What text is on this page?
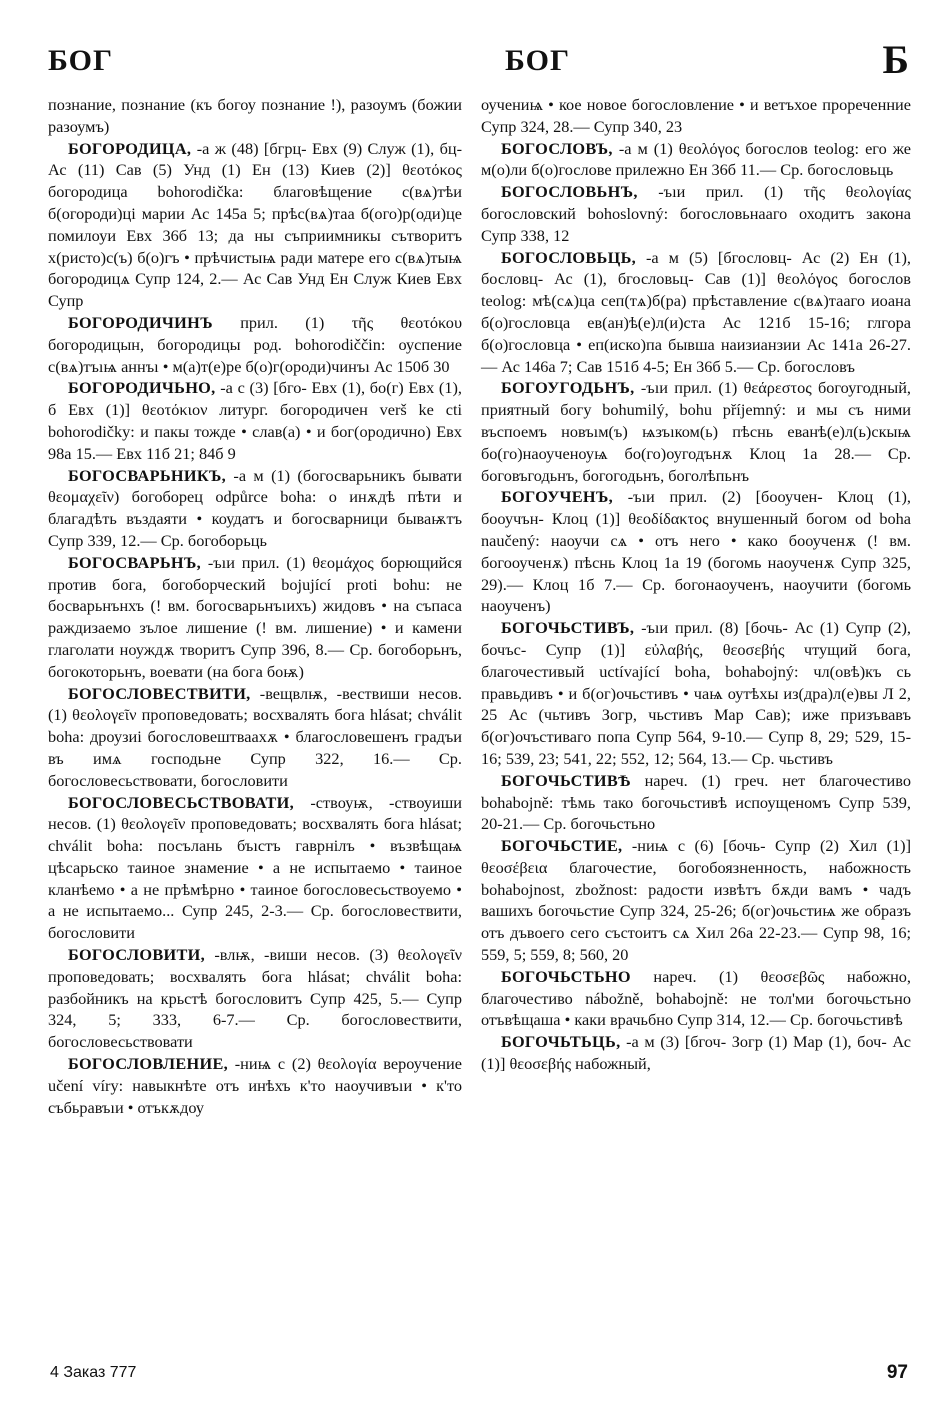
БОГ	БОГ	Б

познание, познание (къ богоу познание !), разоумъ (божии разоумъ)

БОГОРОДИЦА, -а ж (48) [бгрц- Евх (9) Служ (1), бц- Ас (11) Сав (5) Унд (1) Ен (13) Киев (2)] θεοτόκος богородица bohorodička: благовѣщение с(вѧ)тѣи б(огороди)ці марии Ас 145а 5; прѣс(вѧ)таа б(ого)р(оди)це помилоуи Евх 36б 13; да ны съприимникы сътворитъ х(ристо)с(ъ) б(о)гъ • прѣчистыѩ ради матере его с(вѧ)тыѩ богородицѧ Супр 124, 2.— Ас Сав Унд Ен Служ Киев Евх Супр

БОГОРОДИЧИНЪ прил. (1) τῆς θεοτόκου богородицын, богородицы род. bohorodiččin: оуспение с(вѧ)тъıѩ аннъı • м(а)т(е)ре б(о)г(ороди)чинъı Ас 150б 30

БОГОРОДИЧЬНО, -а с (3) [бго- Евх (1), бо(г) Евх (1), б Евх (1)] θεοτόκιον литург. богородичен verš ke cti bohorodičky: и пакы тожде • слав(а) • и бог(ородично) Евх 98а 15.— Евх 11б 21; 84б 9

БОГОСВАРЬНИКЪ, -а м (1) (богосварьникъ бывати θεομαχεῖν) богоборец odpůrce boha: о инѫдѣ пѣти и благадѣть въздаяти • коудатъ и богосварници бываѭтъ Супр 339, 12.— Ср. богоборьць

БОГОСВАРЬНЪ, -ъıи прил. (1) θεομάχος борющийся против бога, богоборческий bojující proti bohu: не босварьнънхъ (! вм. богосварьнъıихъ) жидовъ • на съпаса раждизаемо зълое лишение (! вм. лишение) • и камени глаголати ноуждѫ творитъ Супр 396, 8.— Ср. богоборьнъ, богокоторьнъ, воевати (на бога боѭ)

БОГОСЛОВЕСТВИТИ, -вещвлѭ, -вествиши несов. (1) θεολογεῖν проповедовать; восхвалять бога hlásat; chválit boha: дроузиі богословештваахѫ • благословешенъ градъи въ имѧ господьне Супр 322, 16.— Ср. богословесьствовати, богословити

БОГОСЛОВЕСЬСТВОВАТИ, -ствоуѭ, -ствоуиши несов. (1) θεολογεῖν проповедовать; восхвалять бога hlásat; chválit boha: посълань бъıстъ гаврнілъ • възвѣщаѩ цѣсарьско таиное знамение • а не испытаемо • таиное кланѣемо • а не прѣмѣрно • таиное богословесьствоуемо • а не испытаемо... Супр 245, 2-3.— Ср. богословествити, богословити

БОГОСЛОВИТИ, -влѭ, -виши несов. (3) θεολογεῖν проповедовать; восхвалять бога hlásat; chválit boha: разбойникъ на крьстѣ богословитъ Супр 425, 5.— Супр 324, 5; 333, 6-7.— Ср. богословествити, богословесьствовати

БОГОСЛОВЛЕНИЕ, -ниѩ с (2) θεολογία вероучение učení víry: навыкнѣте отъ инѣхъ к'то наоучивъıи • к'то събьравъıи • отъкѫдоу

оучениѩ • кое новое богословление • и ветъхое прореченние Супр 324, 28.— Супр 340, 23

БОГОСЛОВЪ, -а м (1) θεολόγος богослов teolog: его же м(о)ли б(о)гослове прилежно Ен 36б 11.— Ср. богословьць

БОГОСЛОВЬНЪ, -ъıи прил. (1) τῆς θεολογίας богословский bohoslovný: богословьнааго оходитъ закона Супр 338, 12

БОГОСЛОВЬЦЬ, -а м (5) [бгословц- Ас (2) Ен (1), бословц- Ас (1), бгословьц- Сав (1)] θεολόγος богослов teolog: мѣ(сѧ)ца сеп(тѧ)б(ра) прѣставление с(вѧ)тааго иоана б(о)гословца ев(ан)ѣ(е)л(и)ста Ас 121б 15-16; глгора б(о)гословца • еп(иско)па бывша наизианзии Ас 141а 26-27.— Ас 146а 7; Сав 151б 4-5; Ен 36б 5.— Ср. богословъ

БОГОУГОДЬНЪ, -ъıи прил. (1) θεάρεστος богоугодный, приятный богу bohumilý, bohu příjemný: и мы съ ними въспоемъ новъıм(ъ) ѩзъıком(ь) пѣснь еванѣ(е)л(ь)скыѩ бо(го)наоученоуѩ бо(го)оугодънѫ Клоц 1а 28.— Ср. боговъгодьнъ, богогодьнъ, боголѣпьнъ

БОГОУЧЕНЪ, -ъıи прил. (2) [бооучен- Клоц (1), бооучън- Клоц (1)] θεοδίδακτος внушенный богом od boha naučený: наоучи сѧ • отъ него • како бооученѫ (! вм. богооученѫ) пѣснь Клоц 1а 19 (богомь наоученѫ Супр 325, 29).— Клоц 1б 7.— Ср. богонаоученъ, наоучити (богомь наоученъ)

БОГОЧЬСТИВЪ, -ъıи прил. (8) [бочь- Ас (1) Супр (2), бочъс- Супр (1)] εὐλαβής, θεοσεβής чтущий бога, благочестивый uctívající boha, bohabojný: чл(овѣ)къ сь правьдивъ • и б(ог)очьстивъ • чаѩ оутѣхы из(дра)л(е)вы Л 2, 25 Ас (чьтивъ Зогр, чьстивъ Мар Сав); иже призъвавъ б(ог)очъстиваго попа Супр 564, 9-10.— Супр 8, 29; 529, 15-16; 539, 23; 541, 22; 552, 12; 564, 13.— Ср. чьстивъ

БОГОЧЬСТИВѢ нареч. (1) греч. нет благочестиво bohabojně: тѣмь тако богочьстивѣ испоущеномъ Супр 539, 20-21.— Ср. богочьстьно

БОГОЧЬСТИЕ, -ниѩ с (6) [бочь- Супр (2) Хил (1)] θεοσέβεια благочестие, богобоязненность, набожность bohabojnost, zbožnost: радости извѣтъ бѫди вамъ • чадъ вашихъ богочьстие Супр 324, 25-26; б(ог)очьстиѩ же образъ отъ дъвоего сего състоитъ сѧ Хил 26а 22-23.— Супр 98, 16; 559, 5; 559, 8; 560, 20

БОГОЧЬСТЬНО нареч. (1) θεοσεβῶς набожно, благочестиво nábožně, bohabojně: не тол'ми богочьстьно отъвѣщаша • каки врачьбно Супр 314, 12.— Ср. богочьстивѣ

БОГОЧЬТЬЦЬ, -а м (3) [бгоч- Зогр (1) Мар (1), боч- Ас (1)] θεοσεβής набожный,

4 Заказ 777	97
